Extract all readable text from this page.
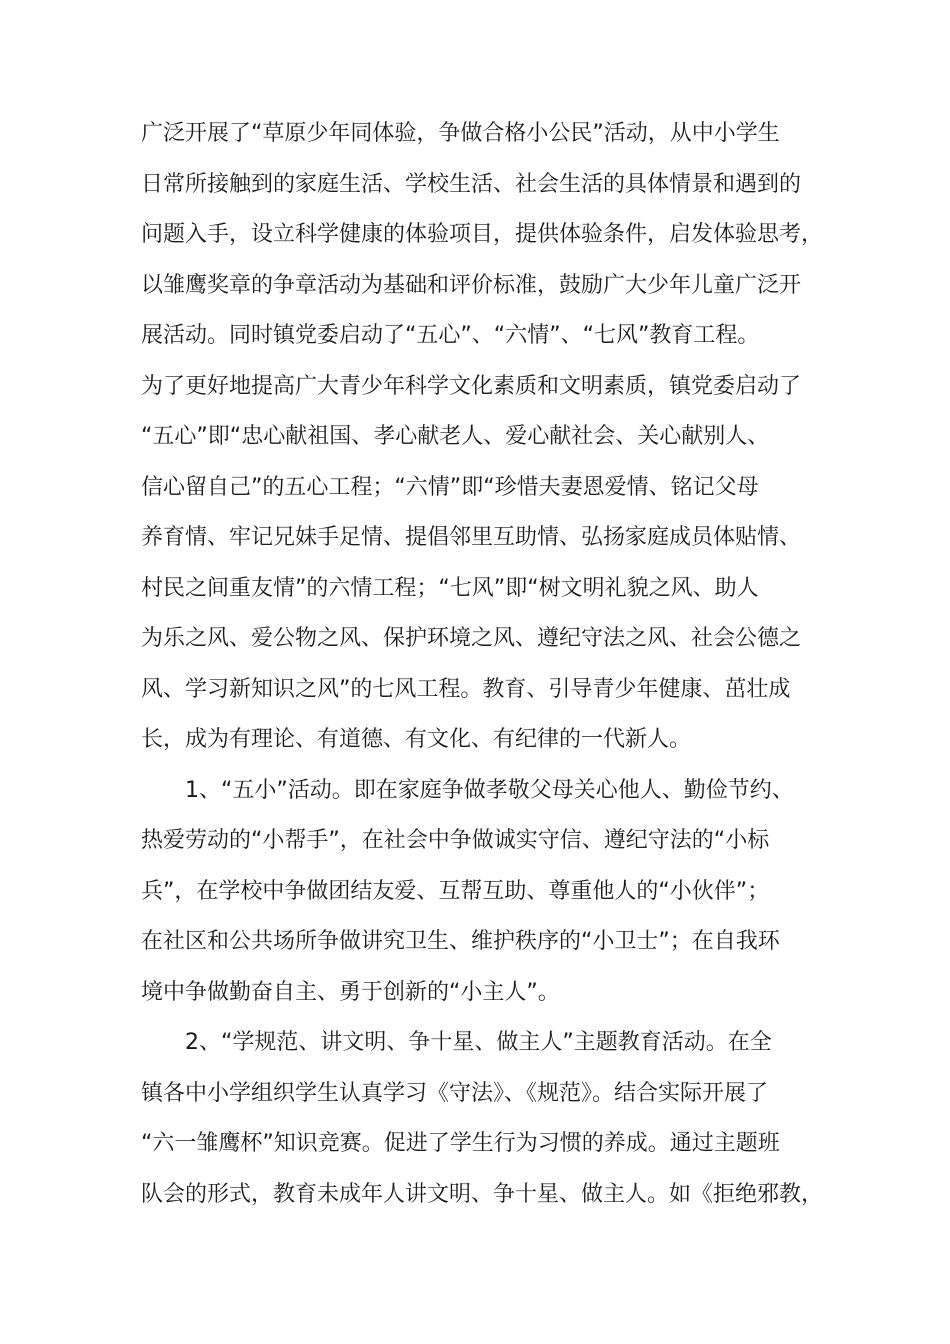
广泛开展了“草原少年同体验，争做合格小公民”活动，从中小学生
日常所接触到的家庭生活、学校生活、社会生活的具体情景和遇到的
问题入手，设立科学健康的体验项目，提供体验条件，启发体验思考，
以雏鹰奖章的争章活动为基础和评价标准，鼓励广大少年儿童广泛开
展活动。同时镇党委启动了“五心”、“六情”、“七风”教育工程。
为了更好地提高广大青少年科学文化素质和文明素质，镇党委启动了
“五心”即“忠心献祖国、孝心献老人、爱心献社会、关心献别人、
信心留自己”的五心工程；“六情”即“珍惜夫妻恩爱情、铭记父母
养育情、牢记兄妹手足情、提倡邻里互助情、弘扬家庭成员体贴情、
村民之间重友情”的六情工程；“七风”即“树文明礼貌之风、助人
为乐之风、爱公物之风、保护环境之风、遵纪守法之风、社会公德之
风、学习新知识之风”的七风工程。教育、引导青少年健康、茁壮成
长，成为有理论、有道德、有文化、有纪律的一代新人。
1、“五小”活动。即在家庭争做孝敬父母关心他人、勤俭节约、
热爱劳动的“小帮手”，在社会中争做诚实守信、遵纪守法的“小标
兵”，在学校中争做团结友爱、互帮互助、尊重他人的“小伙伴”；
在社区和公共场所争做讲究卫生、维护秩序的“小卫士”；在自我环
境中争做勤奋自主、勇于创新的“小主人”。
2、“学规范、讲文明、争十星、做主人”主题教育活动。在全
镇各中小学组织学生认真学习《守法》、《规范》。结合实际开展了
“六一雏鹰杯”知识竞赛。促进了学生行为习惯的养成。通过主题班
队会的形式，教育未成年人讲文明、争十星、做主人。如《拒绝邪教，
